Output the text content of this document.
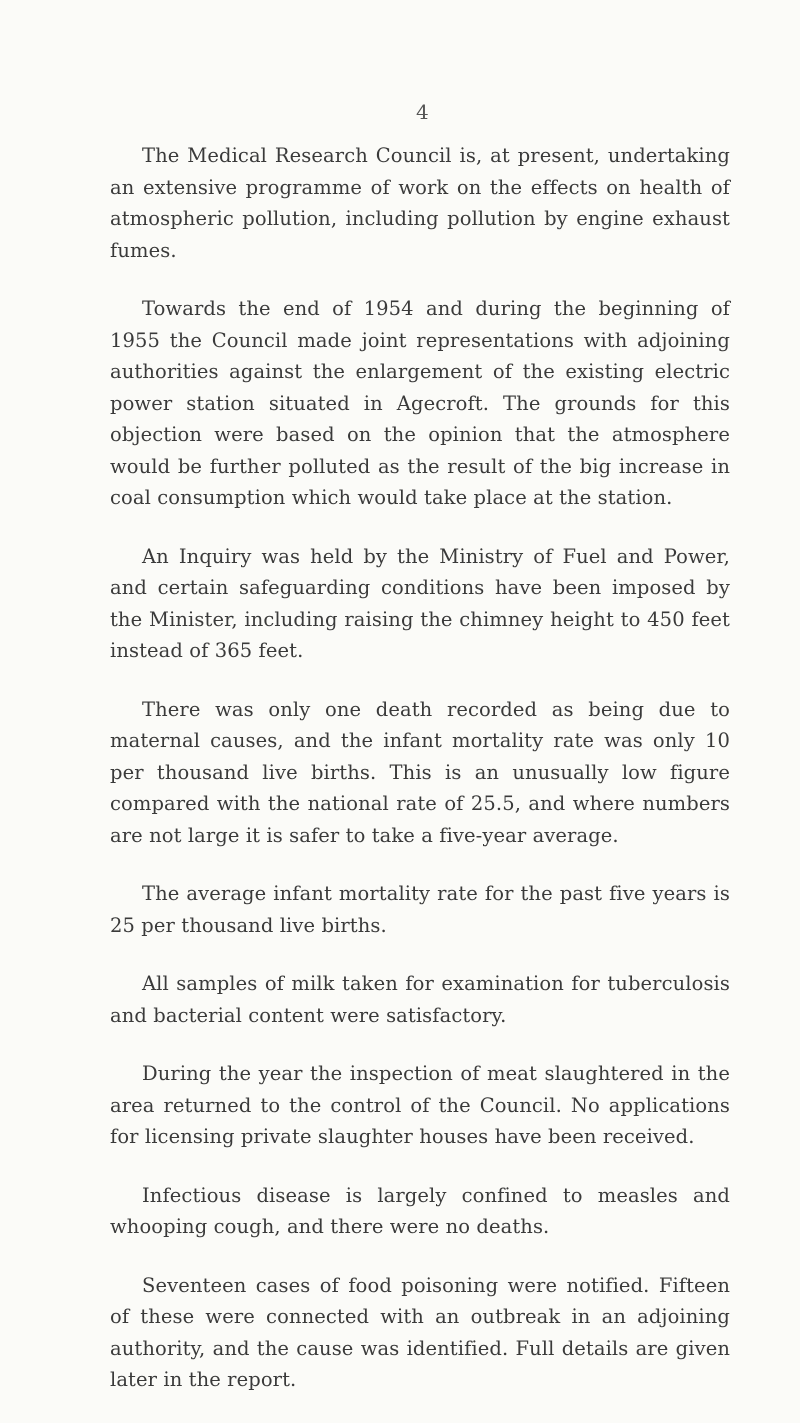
4

The Medical Research Council is, at present, undertaking an extensive programme of work on the effects on health of atmospheric pollution, including pollution by engine exhaust fumes.

Towards the end of 1954 and during the beginning of 1955 the Council made joint representations with adjoining authorities against the enlargement of the existing electric power station situated in Agecroft. The grounds for this objection were based on the opinion that the atmosphere would be further polluted as the result of the big increase in coal consumption which would take place at the station.

An Inquiry was held by the Ministry of Fuel and Power, and certain safeguarding conditions have been imposed by the Minister, including raising the chimney height to 450 feet instead of 365 feet.

There was only one death recorded as being due to maternal causes, and the infant mortality rate was only 10 per thousand live births. This is an unusually low figure compared with the national rate of 25.5, and where numbers are not large it is safer to take a five-year average.

The average infant mortality rate for the past five years is 25 per thousand live births.

All samples of milk taken for examination for tuberculosis and bacterial content were satisfactory.

During the year the inspection of meat slaughtered in the area returned to the control of the Council. No applications for licensing private slaughter houses have been received.

Infectious disease is largely confined to measles and whooping cough, and there were no deaths.

Seventeen cases of food poisoning were notified. Fifteen of these were connected with an outbreak in an adjoining authority, and the cause was identified. Full details are given later in the report.
